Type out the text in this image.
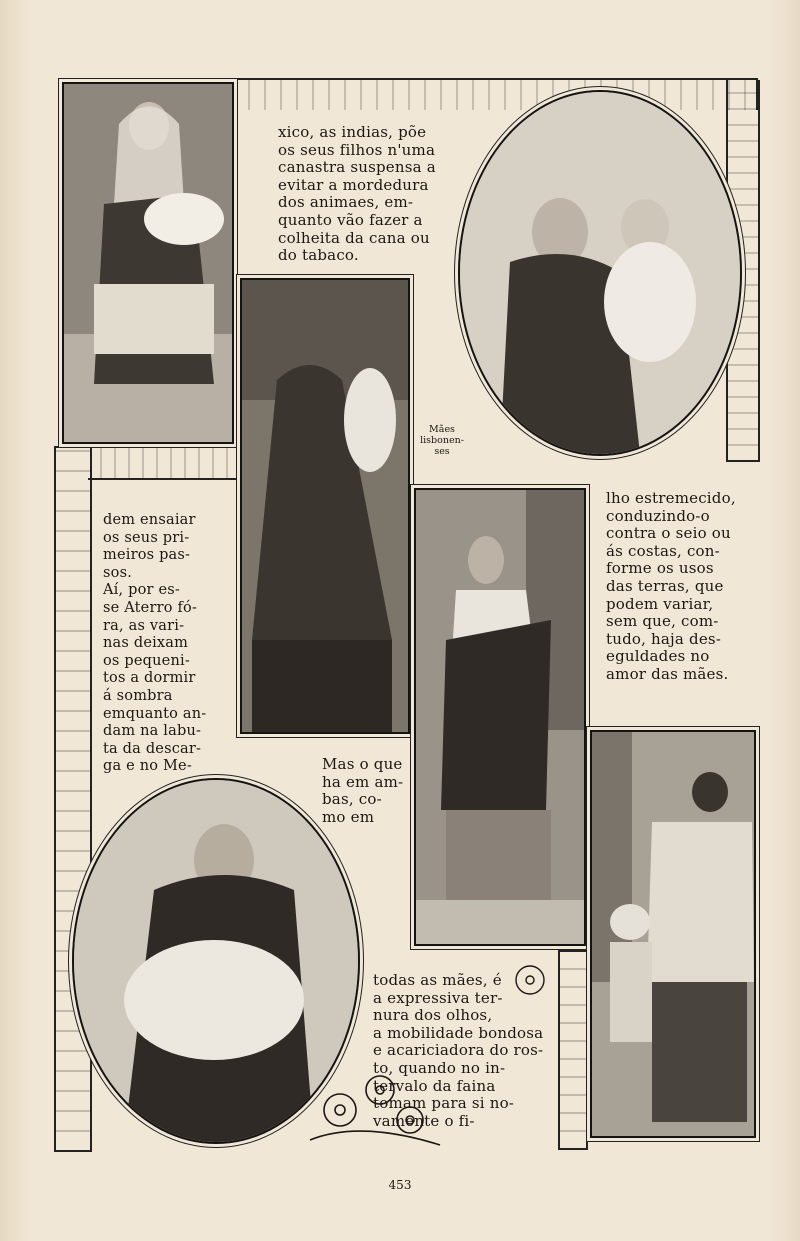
xico, as indias, põe
os seus filhos n'uma
canastra suspensa a
evitar a mordedura
dos animaes, em-
quanto vão fazer a
colheita da cana ou
do tabaco.
Mães
lisbonen-
ses
dem ensaiar
os seus pri-
meiros pas-
sos.
Aí, por es-
se Aterro fó-
ra, as vari-
nas deixam
os pequeni-
tos a dormir
á sombra
emquanto an-
dam na labu-
ta da descar-
ga e no Me-
lho estremecido,
conduzindo-o
contra o seio ou
ás costas, con-
forme os usos
das terras, que
podem variar,
sem que, com-
tudo, haja des-
eguldades no
amor das mães.
Mas o que
ha em am-
bas, co-
mo em
todas as mães, é
a expressiva ter-
nura dos olhos,
a mobilidade bondosa
e acariciadora do ros-
to, quando no in-
tervalo da faina
tomam para si no-
vamente o fi-
453
